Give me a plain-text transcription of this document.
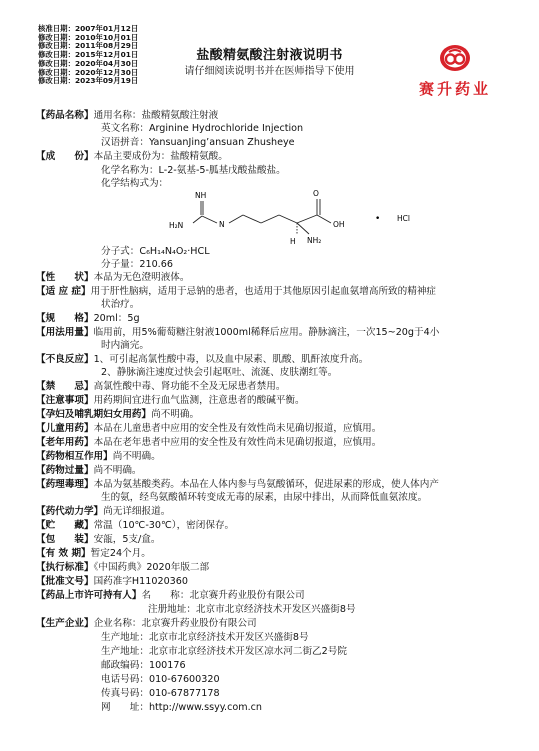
核准日期：2007年01月12日
修改日期：2010年10月01日
修改日期：2011年08月29日
修改日期：2015年12月01日
修改日期：2020年04月30日
修改日期：2020年12月30日
修改日期：2023年09月19日
盐酸精氨酸注射液说明书
请仔细阅读说明书并在医师指导下使用
赛升药业
【药品名称】通用名称：盐酸精氨酸注射液
英文名称：Arginine Hydrochloride Injection
汉语拼音：YansuanJing’ansuan Zhusheye
【成　　份】本品主要成份为：盐酸精氨酸。
化学名称为：L-2-氨基-5-胍基戊酸盐酸盐。
化学结构式为：
NH
H₂N	N
O
OH
H NH₂
• HCl
分子式：C₆H₁₄N₄O₂·HCL
分子量：210.66
【性　　状】本品为无色澄明液体。
【适 应 症】用于肝性脑病，适用于忌钠的患者，也适用于其他原因引起血氨增高所致的精神症
状治疗。
【规　　格】20ml：5g
【用法用量】临用前，用5%葡萄糖注射液1000ml稀释后应用。静脉滴注，一次15~20g于4小
时内滴完。
【不良反应】1、可引起高氯性酸中毒，以及血中尿素、肌酸、肌酐浓度升高。
2、静脉滴注速度过快会引起呕吐、流涎、皮肤潮红等。
【禁　　忌】高氯性酸中毒、肾功能不全及无尿患者禁用。
【注意事项】用药期间宜进行血气监测，注意患者的酸碱平衡。
【孕妇及哺乳期妇女用药】尚不明确。
【儿童用药】本品在儿童患者中应用的安全性及有效性尚未见确切报道，应慎用。
【老年用药】本品在老年患者中应用的安全性及有效性尚未见确切报道，应慎用。
【药物相互作用】尚不明确。
【药物过量】尚不明确。
【药理毒理】本品为氨基酸类药。本品在人体内参与鸟氨酸循环，促进尿素的形成，使人体内产
生的氨，经鸟氨酸循环转变成无毒的尿素，由尿中排出，从而降低血氨浓度。
【药代动力学】尚无详细报道。
【贮　　藏】常温（10℃-30℃），密闭保存。
【包　　装】安瓿，5支/盒。
【有 效 期】暂定24个月。
【执行标准】《中国药典》2020年版二部
【批准文号】国药准字H11020360
【药品上市许可持有人】名　　称：北京赛升药业股份有限公司
注册地址：北京市北京经济技术开发区兴盛街8号
【生产企业】企业名称：北京赛升药业股份有限公司
生产地址：北京市北京经济技术开发区兴盛街8号
生产地址：北京市北京经济技术开发区凉水河二街乙2号院
邮政编码：100176
电话号码：010-67600320
传真号码：010-67877178
网　　址：http://www.ssyy.com.cn
